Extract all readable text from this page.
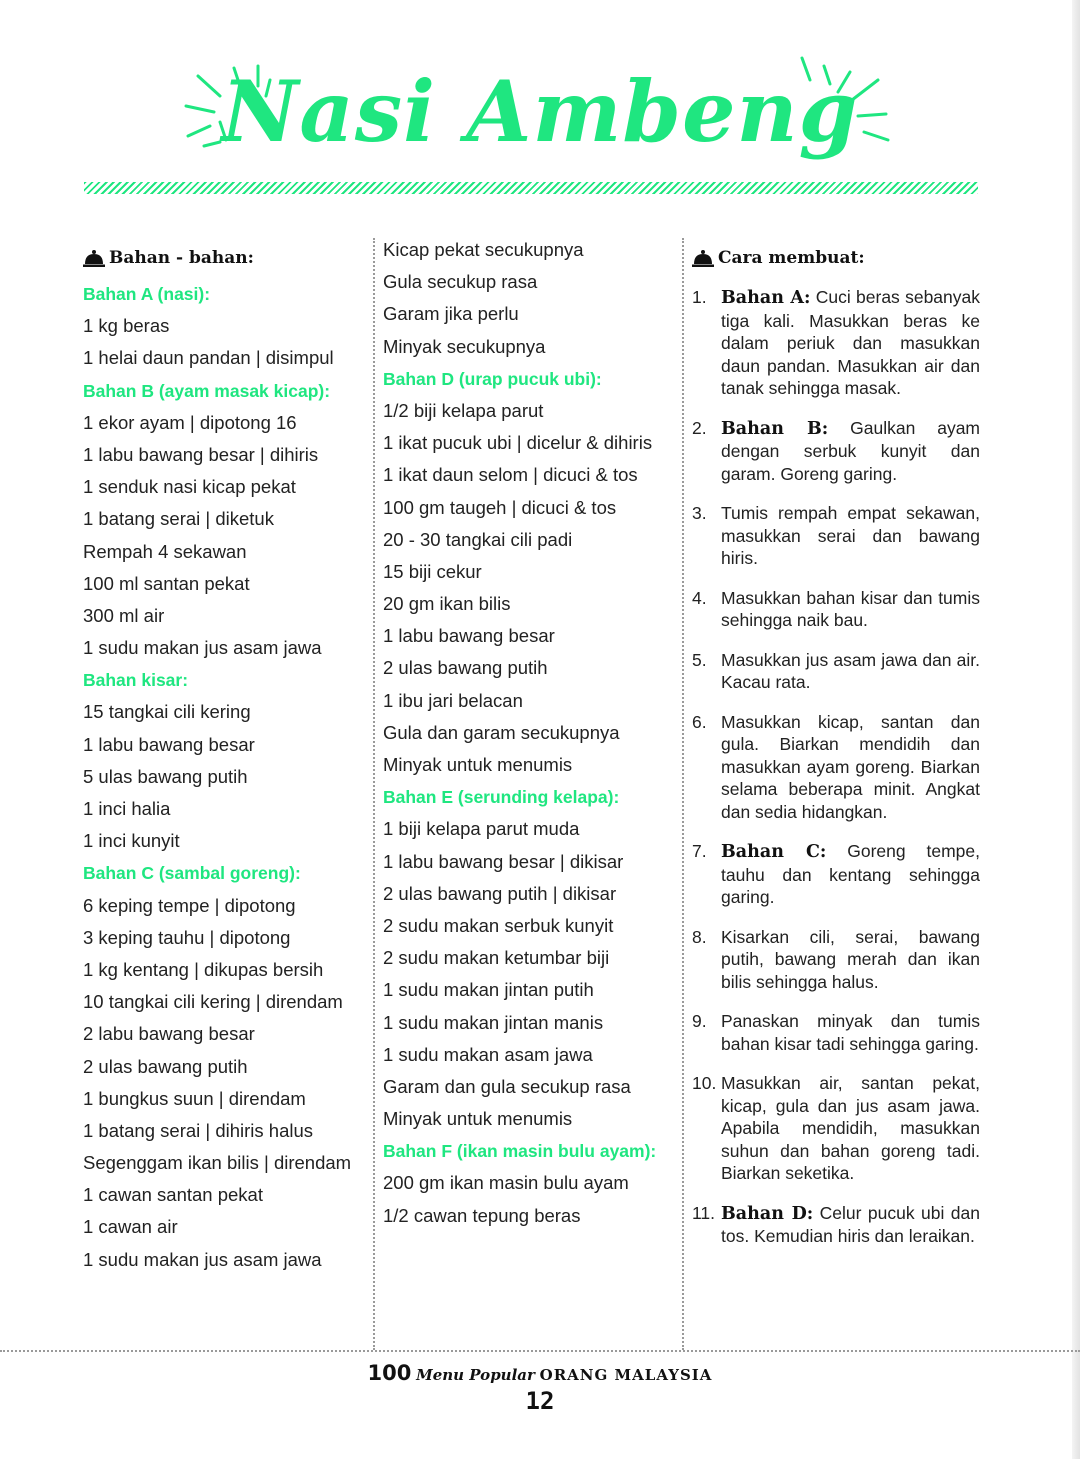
Nasi Ambeng
Bahan - bahan:
Bahan A (nasi):
1 kg beras
1 helai daun pandan | disimpul
Bahan B (ayam masak kicap):
1 ekor ayam | dipotong 16
1 labu bawang besar | dihiris
1 senduk nasi kicap pekat
1 batang serai | diketuk
Rempah 4 sekawan
100 ml santan pekat
300 ml air
1 sudu makan jus asam jawa
Bahan kisar:
15 tangkai cili kering
1 labu bawang besar
5 ulas bawang putih
1 inci halia
1 inci kunyit
Bahan C (sambal goreng):
6 keping tempe | dipotong
3 keping tauhu | dipotong
1 kg kentang | dikupas bersih
10 tangkai cili kering | direndam
2 labu bawang besar
2 ulas bawang putih
1 bungkus suun | direndam
1 batang serai | dihiris halus
Segenggam ikan bilis | direndam
1 cawan santan pekat
1 cawan air
1 sudu makan jus asam jawa
Kicap pekat secukupnya
Gula secukup rasa
Garam jika perlu
Minyak secukupnya
Bahan D (urap pucuk ubi):
1/2 biji kelapa parut
1 ikat pucuk ubi | dicelur & dihiris
1 ikat daun selom | dicuci & tos
100 gm taugeh | dicuci & tos
20 - 30 tangkai cili padi
15 biji cekur
20 gm ikan bilis
1 labu bawang besar
2 ulas bawang putih
1 ibu jari belacan
Gula dan garam secukupnya
Minyak untuk menumis
Bahan E (serunding kelapa):
1 biji kelapa parut muda
1 labu bawang besar | dikisar
2 ulas bawang putih | dikisar
2 sudu makan serbuk kunyit
2 sudu makan ketumbar biji
1 sudu makan jintan putih
1 sudu makan jintan manis
1 sudu makan asam jawa
Garam dan gula secukup rasa
Minyak untuk menumis
Bahan F (ikan masin bulu ayam):
200 gm ikan masin bulu ayam
1/2 cawan tepung beras
Cara membuat:
1. Bahan A: Cuci beras sebanyak tiga kali. Masukkan beras ke dalam periuk dan masukkan daun pandan. Masukkan air dan tanak sehingga masak.
2. Bahan B: Gaulkan ayam dengan serbuk kunyit dan garam. Goreng garing.
3. Tumis rempah empat sekawan, masukkan serai dan bawang hiris.
4. Masukkan bahan kisar dan tumis sehingga naik bau.
5. Masukkan jus asam jawa dan air. Kacau rata.
6. Masukkan kicap, santan dan gula. Biarkan mendidih dan masukkan ayam goreng. Biarkan selama beberapa minit. Angkat dan sedia hidangkan.
7. Bahan C: Goreng tempe, tauhu dan kentang sehingga garing.
8. Kisarkan cili, serai, bawang putih, bawang merah dan ikan bilis sehingga halus.
9. Panaskan minyak dan tumis bahan kisar tadi sehingga garing.
10. Masukkan air, santan pekat, kicap, gula dan jus asam jawa. Apabila mendidih, masukkan suhun dan bahan goreng tadi. Biarkan seketika.
11. Bahan D: Celur pucuk ubi dan tos. Kemudian hiris dan leraikan.
100 Menu Popular ORANG MALAYSIA
12
